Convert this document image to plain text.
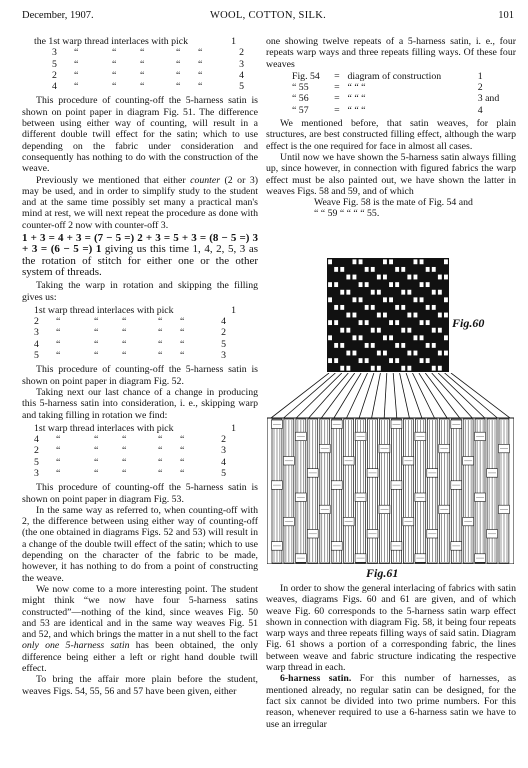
December, 1907.	WOOL, COTTON, SILK.	101
the 1st warp thread interlaces with pick	1
3	“	“	“	“	“	2
5	“	“	“	“	“	3
2	“	“	“	“	“	4
4	“	“	“	“	“	5

This procedure of counting-off the 5-harness satin is shown on point paper in diagram Fig. 51. The difference between using either way of counting, will result in a different double twill effect for the satin; which to use depending on the fabric under consideration and consequently has nothing to do with the construction of the weave.

Previously we mentioned that either counter (2 or 3) may be used, and in order to simplify study to the student and at the same time possibly set many a practical man's mind at rest, we will next repeat the procedure as done with counter-off 2 now with counter-off 3.

1 + 3 = 4 + 3 = (7 − 5 =) 2 + 3 = 5 + 3 = (8 − 5 =) 3 + 3 = (6 − 5 =) 1 giving us this time 1, 4, 2, 5, 3 as the rotation of stitch for either one or the other system of threads.

Taking the warp in rotation and skipping the filling gives us:

1st warp thread interlaces with pick	1
2	“	“	“	“	“	4
3	“	“	“	“	“	2
4	“	“	“	“	“	5
5	“	“	“	“	“	3

This procedure of counting-off the 5-harness satin is shown on point paper in diagram Fig. 52.

Taking next our last chance of a change in producing this 5-harness satin into consideration, i. e., skipping warp and taking filling in rotation we find:

1st warp thread interlaces with pick	1
4	“	“	“	“	“	2
2	“	“	“	“	“	3
5	“	“	“	“	“	4
3	“	“	“	“	“	5

This procedure of counting-off the 5-harness satin is shown on point paper in diagram Fig. 53.

In the same way as referred to, when counting-off with 2, the difference between using either way of counting-off (the one obtained in diagrams Figs. 52 and 53) will result in a change of the double twill effect of the satin; which to use depending on the character of the fabric to be made, however, it has nothing to do from a point of constructing the weave.

We now come to a more interesting point. The student might think “we now have four 5-harness satins constructed”—nothing of the kind, since weaves Fig. 50 and 53 are identical and in the same way weaves Fig. 51 and 52, and which brings the matter in a nut shell to the fact only one 5-harness satin has been obtained, the only difference being either a left or right hand double twill effect.

To bring the affair more plain before the student, weaves Figs. 54, 55, 56 and 57 have been given, either

one showing twelve repeats of a 5-harness satin, i. e., four repeats warp ways and three repeats filling ways. Of these four weaves

Fig. 54	= diagram of construction	1
“ 55	= “ “ “	2
“ 56	= “ “ “	3 and
“ 57	= “ “ “	4

We mentioned before, that satin weaves, for plain structures, are best constructed filling effect, although the warp effect is the one required for face in almost all cases.

Until now we have shown the 5-harness satin always filling up, since however, in connection with figured fabrics the warp effect must be also painted out, we have shown the latter in weaves Figs. 58 and 59, and of which

Weave Fig. 58 is the mate of Fig. 54 and
“ “ 59 “ “ “ “ 55.
Fig.60
Fig.61

In order to show the general interlacing of fabrics with satin weaves, diagrams Figs. 60 and 61 are given, and of which weave Fig. 60 corresponds to the 5-harness satin warp effect shown in connection with diagram Fig. 58, it being four repeats warp ways and three repeats filling ways of said satin. Diagram Fig. 61 shows a portion of a corresponding fabric, the lines between weave and fabric structure indicating the respective warp thread in each.

6-harness satin. For this number of harnesses, as mentioned already, no regular satin can be designed, for the fact six cannot be divided into two prime numbers. For this reason, whenever required to use a 6-harness satin we have to use an irregular
